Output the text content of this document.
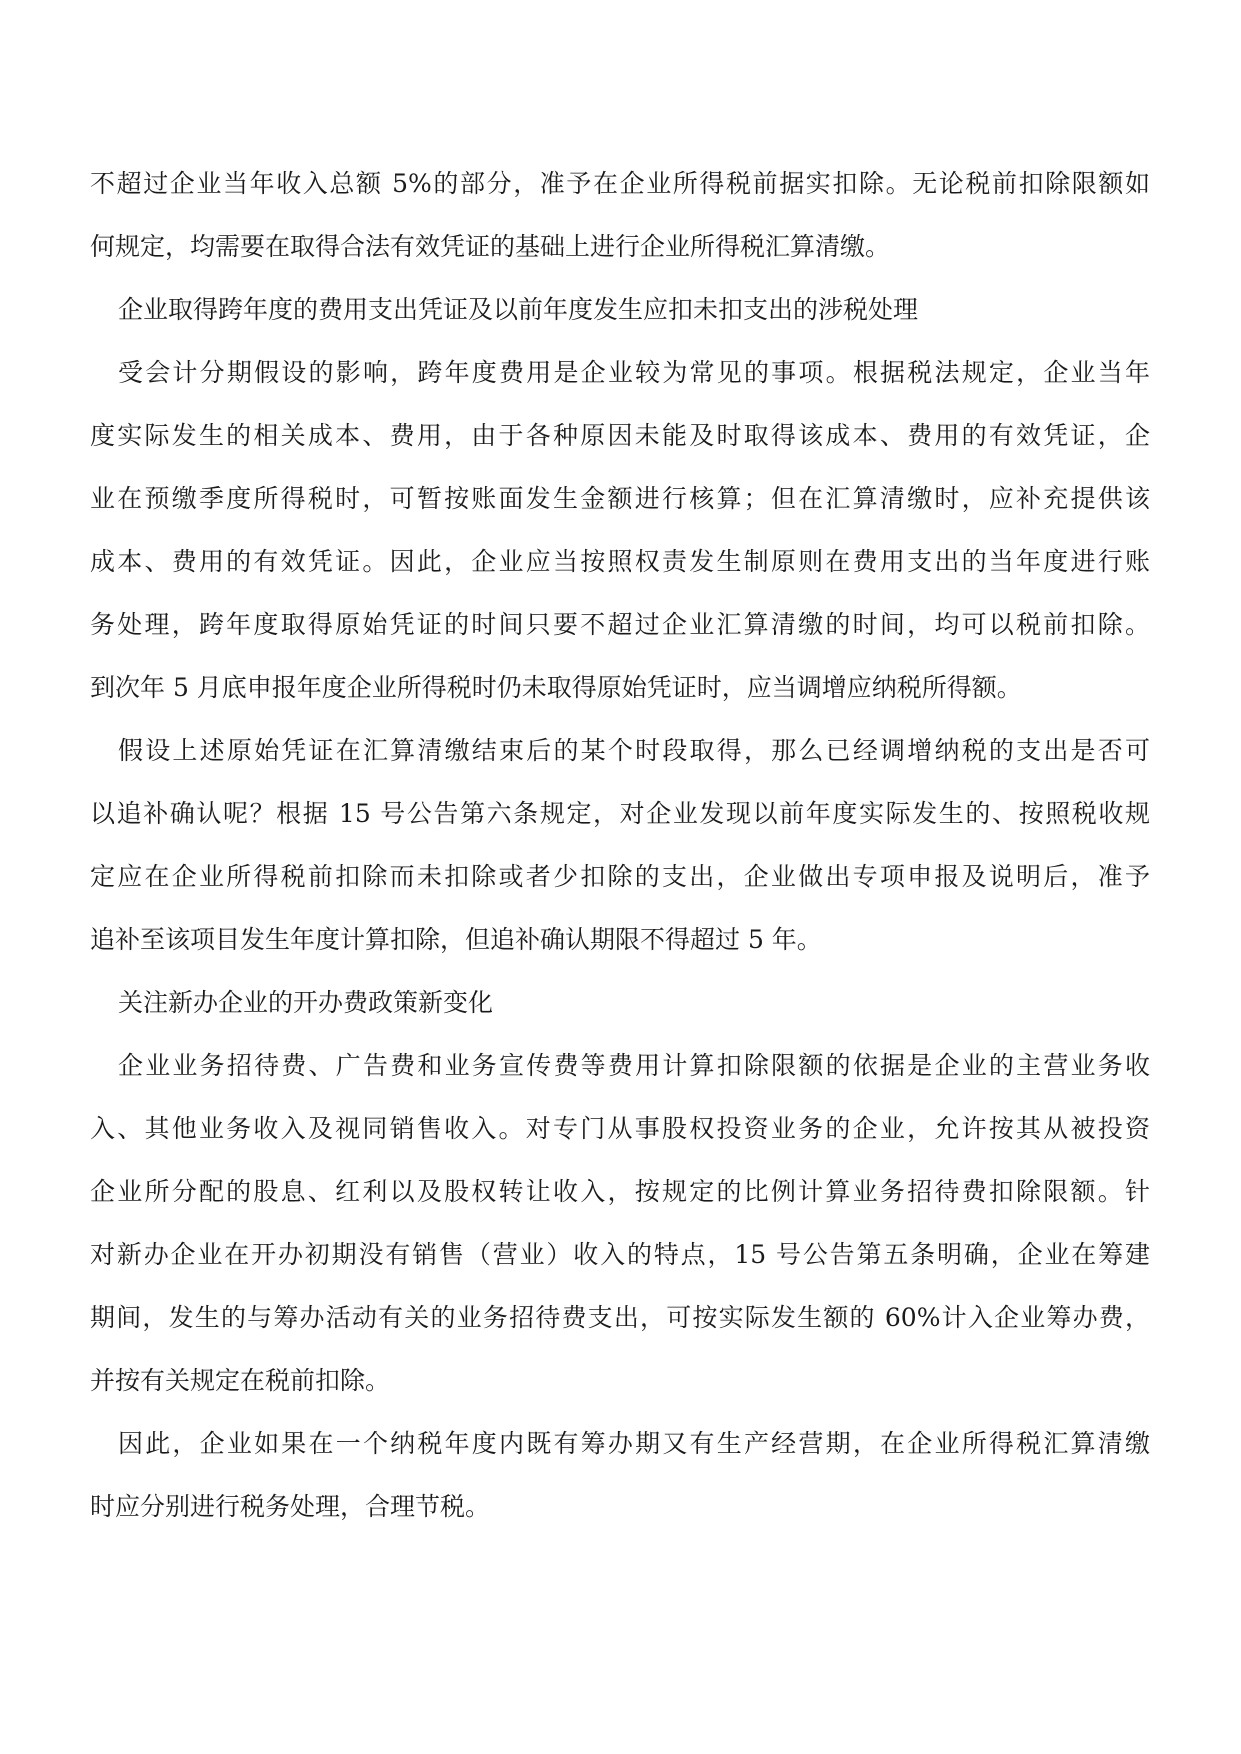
不超过企业当年收入总额 5%的部分，准予在企业所得税前据实扣除。无论税前扣除限额如
何规定，均需要在取得合法有效凭证的基础上进行企业所得税汇算清缴。
企业取得跨年度的费用支出凭证及以前年度发生应扣未扣支出的涉税处理
受会计分期假设的影响，跨年度费用是企业较为常见的事项。根据税法规定，企业当年
度实际发生的相关成本、费用，由于各种原因未能及时取得该成本、费用的有效凭证，企
业在预缴季度所得税时，可暂按账面发生金额进行核算；但在汇算清缴时，应补充提供该
成本、费用的有效凭证。因此，企业应当按照权责发生制原则在费用支出的当年度进行账
务处理，跨年度取得原始凭证的时间只要不超过企业汇算清缴的时间，均可以税前扣除。
到次年 5 月底申报年度企业所得税时仍未取得原始凭证时，应当调增应纳税所得额。
假设上述原始凭证在汇算清缴结束后的某个时段取得，那么已经调增纳税的支出是否可
以追补确认呢？根据 15 号公告第六条规定，对企业发现以前年度实际发生的、按照税收规
定应在企业所得税前扣除而未扣除或者少扣除的支出，企业做出专项申报及说明后，准予
追补至该项目发生年度计算扣除，但追补确认期限不得超过 5 年。
关注新办企业的开办费政策新变化
企业业务招待费、广告费和业务宣传费等费用计算扣除限额的依据是企业的主营业务收
入、其他业务收入及视同销售收入。对专门从事股权投资业务的企业，允许按其从被投资
企业所分配的股息、红利以及股权转让收入，按规定的比例计算业务招待费扣除限额。针
对新办企业在开办初期没有销售（营业）收入的特点，15 号公告第五条明确，企业在筹建
期间，发生的与筹办活动有关的业务招待费支出，可按实际发生额的 60%计入企业筹办费，
并按有关规定在税前扣除。
因此，企业如果在一个纳税年度内既有筹办期又有生产经营期，在企业所得税汇算清缴
时应分别进行税务处理，合理节税。
